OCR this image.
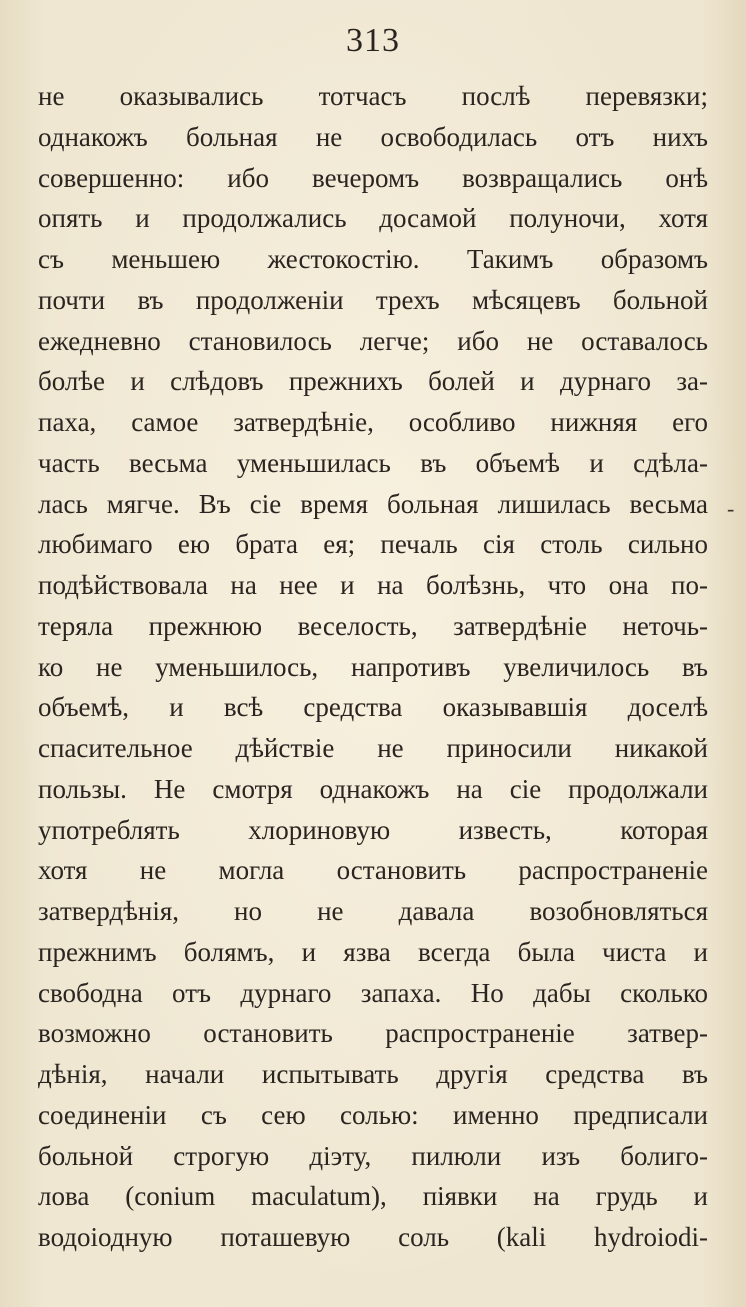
313
не оказывались тотчасъ послѣ перевязки;
однакожъ больная не освободилась отъ нихъ
совершенно: ибо вечеромъ возвращались онѣ
опять и продолжались досамой полуночи, хотя
съ меньшею жестокостію. Такимъ образомъ
почти въ продолженіи трехъ мѣсяцевъ больной
ежедневно становилось легче; ибо не оставалось
болѣе и слѣдовъ прежнихъ болей и дурнаго за-
паха, самое затвердѣніе, особливо нижняя его
часть весьма уменьшилась въ объемѣ и сдѣла-
лась мягче. Въ сіе время больная лишилась весьма
любимаго ею брата ея; печаль сія столь сильно
подѣйствовала на нее и на болѣзнь, что она по-
теряла прежнюю веселость, затвердѣніе неточь-
ко не уменьшилось, напротивъ увеличилось въ
объемѣ, и всѣ средства оказывавшія доселѣ
спасительное дѣйствіе не приносили никакой
пользы. Не смотря однакожъ на сіе продолжали
употреблять хлориновую известь, которая
хотя не могла остановить распространеніе
затвердѣнія, но не давала возобновляться
прежнимъ болямъ, и язва всегда была чиста и
свободна отъ дурнаго запаха. Но дабы сколько
возможно остановить распространеніе затвер-
дѣнія, начали испытывать другія средства въ
соединеніи съ сею солью: именно предписали
больной строгую діэту, пилюли изъ болиго-
лова (conium maculatum), піявки на грудь и
водоіодную поташевую соль (kali hydroiodi-
-
